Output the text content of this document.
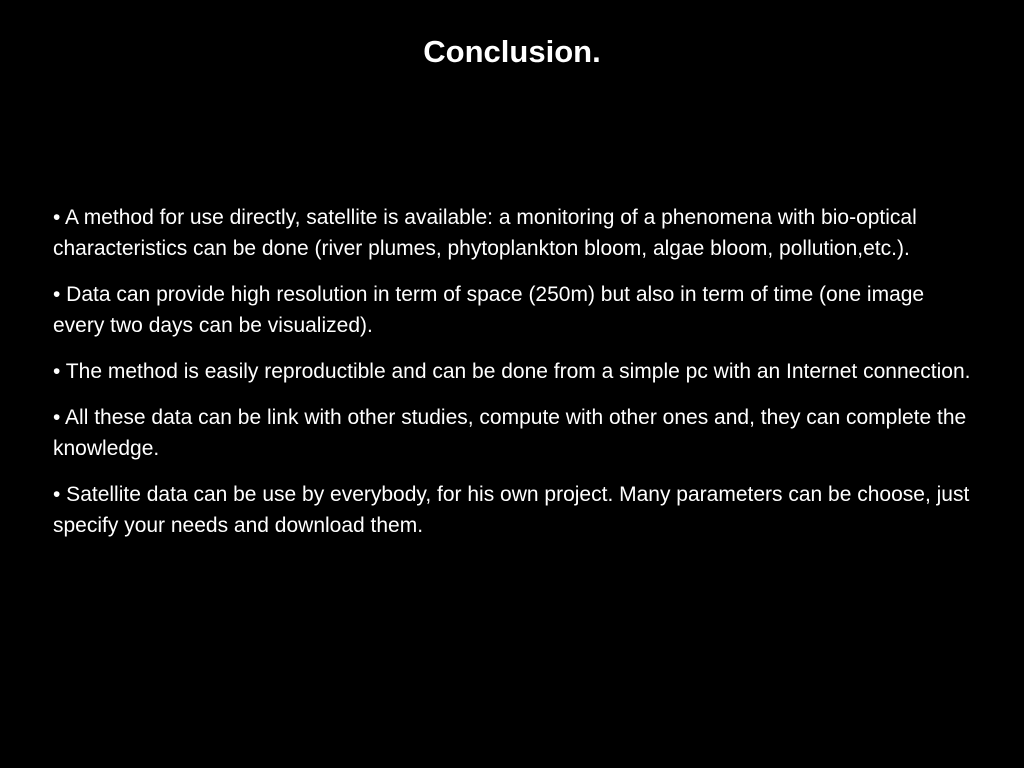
Conclusion.
• A method for use directly, satellite is available: a monitoring of a phenomena with bio-optical characteristics can be done (river plumes, phytoplankton bloom, algae bloom, pollution,etc.).
• Data can provide high resolution in term of space (250m) but also in term of time (one image every two days can be visualized).
• The method is easily reproductible and can be done from a simple pc with an Internet connection.
• All these data can be link with other studies, compute with other ones and, they can complete the knowledge.
• Satellite data can be use by everybody, for his own project. Many parameters can be choose, just specify your needs and download them.
